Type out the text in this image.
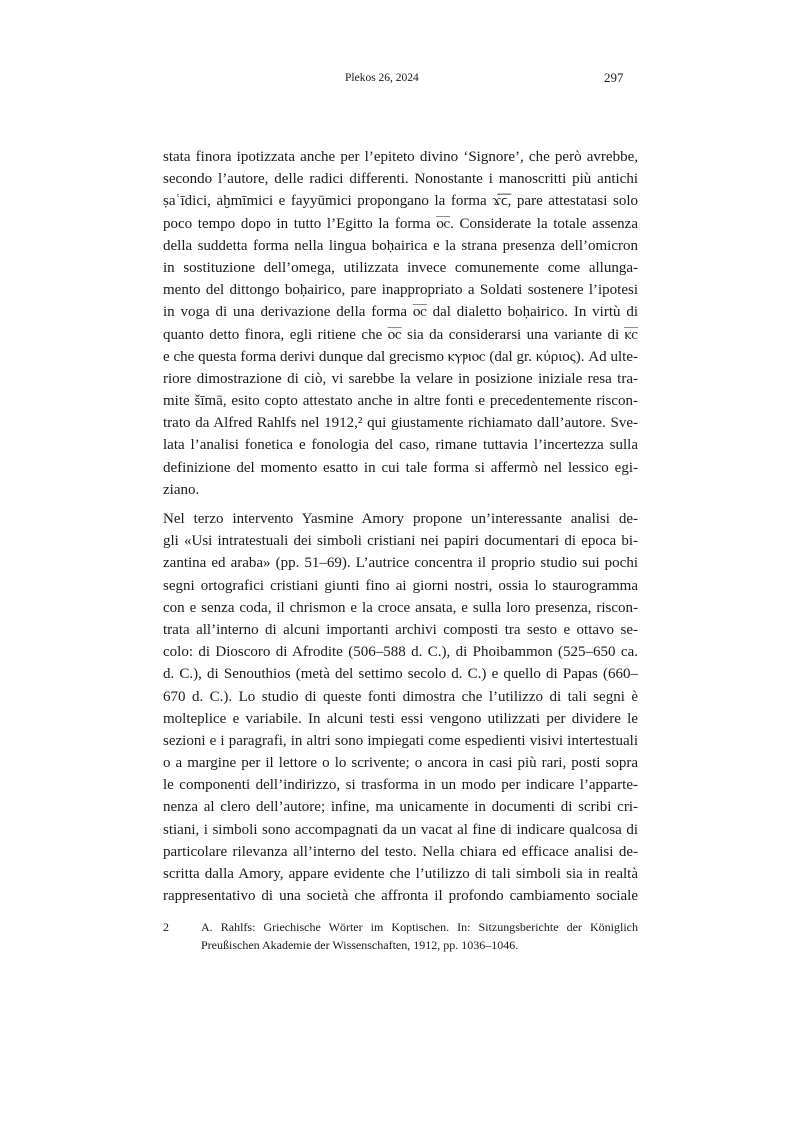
Plekos 26, 2024	297
stata finora ipotizzata anche per l’epiteto divino ‘Signore’, che però avrebbe,
secondo l’autore, delle radici differenti. Nonostante i manoscritti più antichi
ṣaʿīdici, aḫmīmici e fayyūmici propongano la forma ϫ̅ϲ̅, pare attestatasi solo
poco tempo dopo in tutto l’Egitto la forma ⲟ̅ⲥ̅. Considerate la totale assenza
della suddetta forma nella lingua boḥairica e la strana presenza dell’omicron
in sostituzione dell’omega, utilizzata invece comunemente come allunga-
mento del dittongo boḥairico, pare inappropriato a Soldati sostenere l’ipotesi
in voga di una derivazione della forma ⲟ̅ⲥ̅ dal dialetto boḥairico. In virtù di
quanto detto finora, egli ritiene che ⲟ̅ⲥ̅ sia da considerarsi una variante di ⲕ̅ⲥ̅
e che questa forma derivi dunque dal grecismo ⲕⲩⲣⲓⲟⲥ (dal gr. κύριος). Ad ulte-
riore dimostrazione di ciò, vi sarebbe la velare in posizione iniziale resa tra-
mite šīmā, esito copto attestato anche in altre fonti e precedentemente riscon-
trato da Alfred Rahlfs nel 1912,² qui giustamente richiamato dall’autore. Sve-
lata l’analisi fonetica e fonologia del caso, rimane tuttavia l’incertezza sulla
definizione del momento esatto in cui tale forma si affermò nel lessico egi-
ziano.
Nel terzo intervento Yasmine Amory propone un’interessante analisi de-
gli «Usi intratestuali dei simboli cristiani nei papiri documentari di epoca bi-
zantina ed araba» (pp. 51–69). L’autrice concentra il proprio studio sui pochi
segni ortografici cristiani giunti fino ai giorni nostri, ossia lo staurogramma
con e senza coda, il chrismon e la croce ansata, e sulla loro presenza, riscon-
trata all’interno di alcuni importanti archivi composti tra sesto e ottavo se-
colo: di Dioscoro di Afrodite (506–588 d. C.), di Phoibammon (525–650 ca.
d. C.), di Senouthios (metà del settimo secolo d. C.) e quello di Papas (660–
670 d. C.). Lo studio di queste fonti dimostra che l’utilizzo di tali segni è
molteplice e variabile. In alcuni testi essi vengono utilizzati per dividere le
sezioni e i paragrafi, in altri sono impiegati come espedienti visivi intertestuali
o a margine per il lettore o lo scrivente; o ancora in casi più rari, posti sopra
le componenti dell’indirizzo, si trasforma in un modo per indicare l’apparte-
nenza al clero dell’autore; infine, ma unicamente in documenti di scribi cri-
stiani, i simboli sono accompagnati da un vacat al fine di indicare qualcosa di
particolare rilevanza all’interno del testo. Nella chiara ed efficace analisi de-
scritta dalla Amory, appare evidente che l’utilizzo di tali simboli sia in realtà
rappresentativo di una società che affronta il profondo cambiamento sociale
2	A. Rahlfs: Griechische Wörter im Koptischen. In: Sitzungsberichte der Königlich
Preußischen Akademie der Wissenschaften, 1912, pp. 1036–1046.
